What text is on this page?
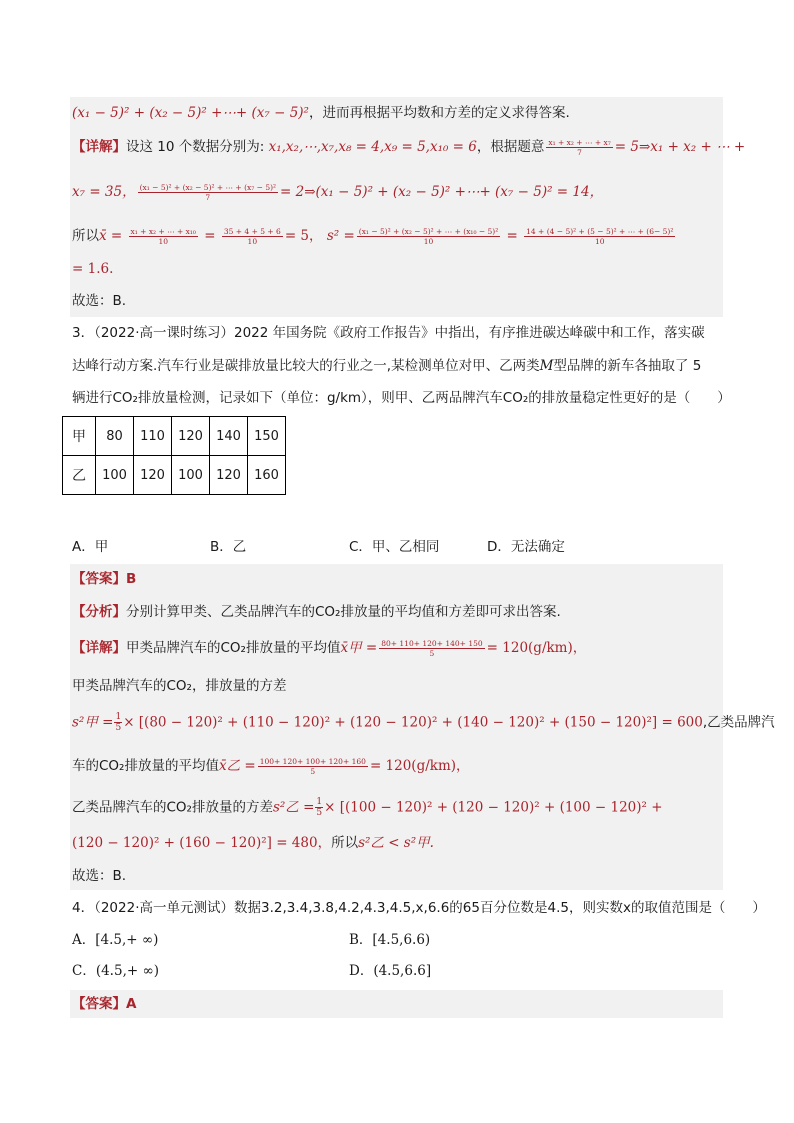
(x₁ − 5)² + (x₂ − 5)² +⋯+ (x₇ − 5)²，进而再根据平均数和方差的定义求得答案.
【详解】设这 10 个数据分别为: x₁,x₂,⋯,x₇,x₈ = 4,x₉ = 5,x₁₀ = 6，根据题意 $\frac{\text{x₁ + x₂ + ⋯ + x₇}}{7}$ = 5⇒x₁ + x₂ + ⋯ +
x₇ = 35， $\frac{\text{(x₁ − 5)² + (x₂ − 5)² + ⋯ + (x₇ − 5)²}}{7}$ = 2⇒(x₁ − 5)² + (x₂ − 5)² +⋯+ (x₇ − 5)² = 14，
所以x̄ = $\frac{\text{x₁ + x₂ + ⋯ + x₁₀}}{10} = \frac{35 + 4 + 5 + 6}{10} = 5$， $s^2 = \frac{\text{(x₁ − 5)² + (x₂ − 5)² + ⋯ + (x₁₀ − 5)²}}{10} = \frac{\text{14 + (4 − 5)² + (5 − 5)² + ⋯ + (6− 5)²}}{10}$
= 1.6.
故选：B.
3．（2022·高一课时练习）2022 年国务院《政府工作报告》中指出，有序推进碳达峰碳中和工作，落实碳
达峰行动方案.汽车行业是碳排放量比较大的行业之一,某检测单位对甲、乙两类M型品牌的新车各抽取了 5
辆进行CO₂排放量检测，记录如下（单位：g/km），则甲、乙两品牌汽车CO₂的排放量稳定性更好的是（　　）
甲	80	110	120	140	150
乙	100	120	100	120	160
A．甲	B．乙	C．甲、乙相同	D．无法确定
【答案】B
【分析】分别计算甲类、乙类品牌汽车的CO₂排放量的平均值和方差即可求出答案.
【详解】甲类品牌汽车的CO₂排放量的平均值x̄甲 = $\frac{80+ 110+ 120+ 140+ 150}{5} = 120(g/km)$，
甲类品牌汽车的CO₂，排放量的方差
s²甲 = $\frac{1}{5} \times [(80 - 120)^2 + (110 - 120)^2 + (120 - 120)^2 + (140 - 120)^2 + (150 - 120)^2] = 600$,乙类品牌汽
车的CO₂排放量的平均值x̄乙 = $\frac{100+ 120+ 100+ 120+ 160}{5} = 120(g/km)$，
乙类品牌汽车的CO₂排放量的方差s²乙 = $\frac{1}{5} \times [(100 - 120)^2 + (120 - 120)^2 + (100 - 120)^2$ +
(120 − 120)² + (160 − 120)²] = 480，所以s²乙 < s²甲.
故选：B.
4．（2022·高一单元测试）数据3.2,3.4,3.8,4.2,4.3,4.5,x,6.6的65百分位数是4.5，则实数x的取值范围是（　　）
A．[4.5,+ ∞)	B．[4.5,6.6)
C．(4.5,+ ∞)	D．(4.5,6.6]
【答案】A
